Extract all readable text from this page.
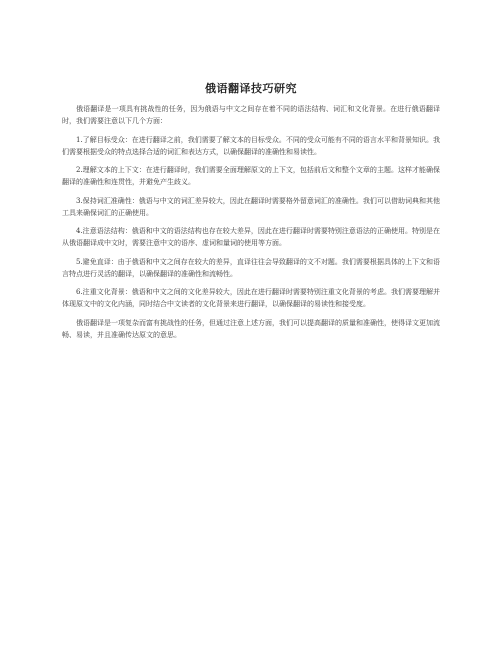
俄语翻译技巧研究

俄语翻译是一项具有挑战性的任务，因为俄语与中文之间存在着不同的语法结构、词汇和文化背景。在进行俄语翻译时，我们需要注意以下几个方面：

1.了解目标受众：在进行翻译之前，我们需要了解文本的目标受众。不同的受众可能有不同的语言水平和背景知识。我们需要根据受众的特点选择合适的词汇和表达方式，以确保翻译的准确性和易读性。

2.理解文本的上下文：在进行翻译时，我们需要全面理解原文的上下文，包括前后文和整个文章的主题。这样才能确保翻译的准确性和连贯性，并避免产生歧义。

3.保持词汇准确性：俄语与中文的词汇差异较大，因此在翻译时需要格外留意词汇的准确性。我们可以借助词典和其他工具来确保词汇的正确使用。

4.注意语法结构：俄语和中文的语法结构也存在较大差异，因此在进行翻译时需要特别注意语法的正确使用。特别是在从俄语翻译成中文时，需要注意中文的语序、虚词和量词的使用等方面。

5.避免直译：由于俄语和中文之间存在较大的差异，直译往往会导致翻译的文不对题。我们需要根据具体的上下文和语言特点进行灵活的翻译，以确保翻译的准确性和流畅性。

6.注重文化背景：俄语和中文之间的文化差异较大，因此在进行翻译时需要特别注重文化背景的考虑。我们需要理解并体现原文中的文化内涵，同时结合中文读者的文化背景来进行翻译，以确保翻译的易读性和接受度。

俄语翻译是一项复杂而富有挑战性的任务，但通过注意上述方面，我们可以提高翻译的质量和准确性，使得译文更加流畅、易读，并且准确传达原文的意思。
